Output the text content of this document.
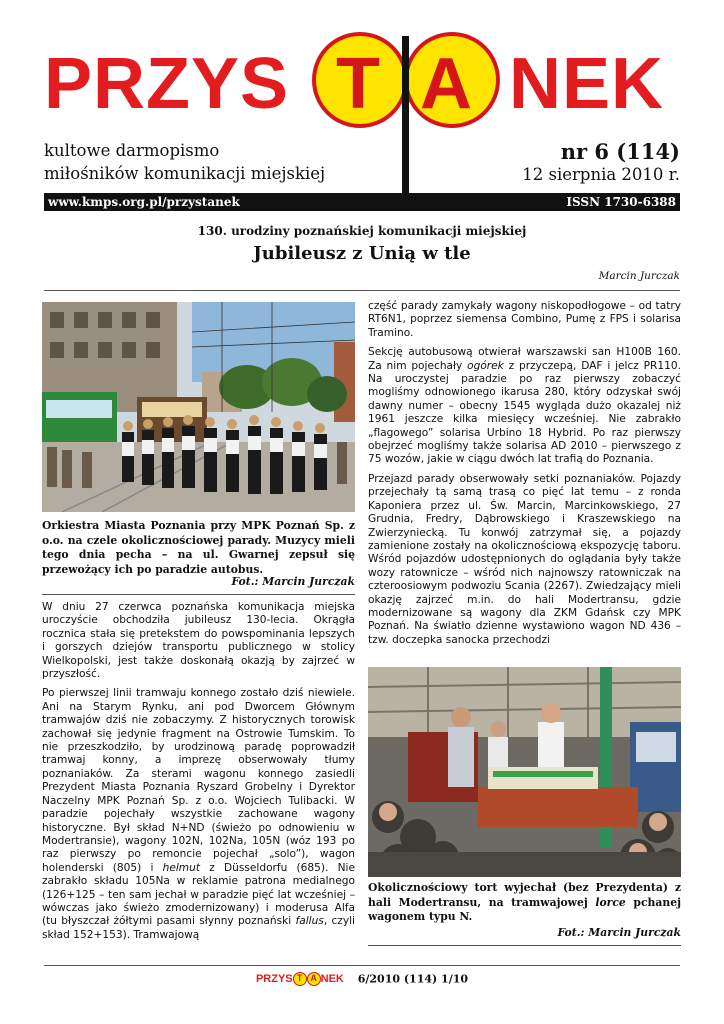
PRZYS T A NEK
kultowe darmopismo
miłośników komunikacji miejskiej
nr 6 (114)
12 sierpnia 2010 r.
www.kmps.org.pl/przystanek	ISSN 1730-6388
130. urodziny poznańskiej komunikacji miejskiej
Jubileusz z Unią w tle
Marcin Jurczak
Orkiestra Miasta Poznania przy MPK Poznań Sp. z o.o. na czele okolicznościowej parady. Muzycy mieli tego dnia pecha – na ul. Gwarnej zepsuł się przewożący ich po paradzie autobus.
Fot.: Marcin Jurczak

W dniu 27 czerwca poznańska komunikacja miejska uroczyście obchodziła jubileusz 130-lecia. Okrągła rocznica stała się pretekstem do powspominania lepszych i gorszych dziejów transportu publicznego w stolicy Wielkopolski, jest także doskonałą okazją by zajrzeć w przyszłość.

Po pierwszej linii tramwaju konnego zostało dziś niewiele. Ani na Starym Rynku, ani pod Dworcem Głównym tramwajów dziś nie zobaczymy. Z historycznych torowisk zachował się jedynie fragment na Ostrowie Tumskim. To nie przeszkodziło, by urodzinową paradę poprowadził tramwaj konny, a imprezę obserwowały tłumy poznaniaków. Za sterami wagonu konnego zasiedli Prezydent Miasta Poznania Ryszard Grobelny i Dyrektor Naczelny MPK Poznań Sp. z o.o. Wojciech Tulibacki. W paradzie pojechały wszystkie zachowane wagony historyczne. Był skład N+ND (świeżo po odnowieniu w Modertransie), wagony 102N, 102Na, 105N (wóz 193 po raz pierwszy po remoncie pojechał „solo”), wagon holenderski (805) i helmut z Düsseldorfu (685). Nie zabrakło składu 105Na w reklamie patrona medialnego (126+125 – ten sam jechał w paradzie pięć lat wcześniej – wówczas jako świeżo zmodernizowany) i moderusa Alfa (tu błyszczał żółtymi pasami słynny poznański fallus, czyli skład 152+153). Tramwajową

część parady zamykały wagony niskopodłogowe – od tatry RT6N1, poprzez siemensa Combino, Pumę z FPS i solarisa Tramino.

Sekcję autobusową otwierał warszawski san H100B 160. Za nim pojechały ogórek z przyczepą, DAF i jelcz PR110. Na uroczystej paradzie po raz pierwszy zobaczyć mogliśmy odnowionego ikarusa 280, który odzyskał swój dawny numer – obecny 1545 wygląda dużo okazalej niż 1961 jeszcze kilka miesięcy wcześniej. Nie zabrakło „flagowego” solarisa Urbino 18 Hybrid. Po raz pierwszy obejrzeć mogliśmy także solarisa AD 2010 – pierwszego z 75 wozów, jakie w ciągu dwóch lat trafią do Poznania.

Przejazd parady obserwowały setki poznaniaków. Pojazdy przejechały tą samą trasą co pięć lat temu – z ronda Kaponiera przez ul. Św. Marcin, Marcinkowskiego, 27 Grudnia, Fredry, Dąbrowskiego i Kraszewskiego na Zwierzyniecką. Tu konwój zatrzymał się, a pojazdy zamienione zostały na okolicznościową ekspozycję taboru. Wśród pojazdów udostępnionych do oglądania były także wozy ratownicze – wśród nich najnowszy ratowniczak na czteroosiowym podwoziu Scania (2267). Zwiedzający mieli okazję zajrzeć m.in. do hali Modertransu, gdzie modernizowane są wagony dla ZKM Gdańsk czy MPK Poznań. Na światło dzienne wystawiono wagon ND 436 – tzw. doczepka sanocka przechodzi

Okolicznościowy tort wyjechał (bez Prezydenta) z hali Modertransu, na tramwajowej lorce pchanej wagonem typu N.
Fot.: Marcin Jurczak
PRZYS T A NEK 6/2010 (114) 1/10
